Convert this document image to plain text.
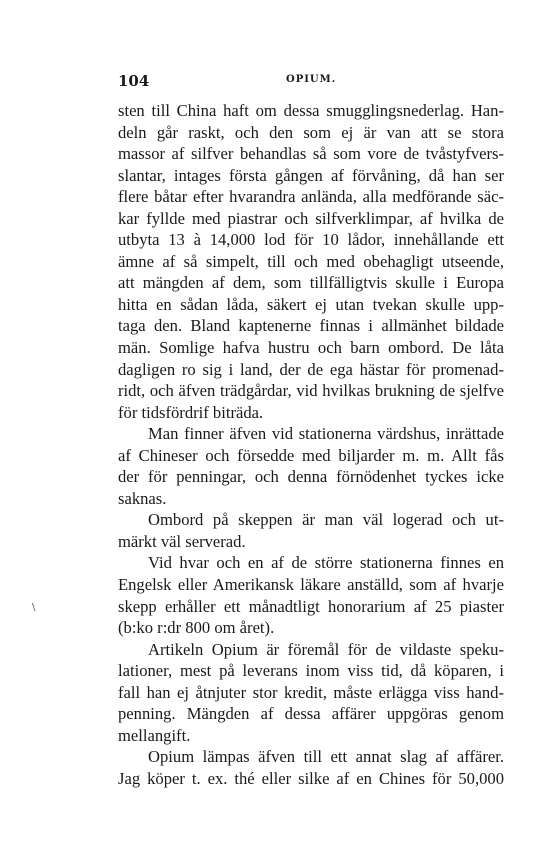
104	OPIUM.
\
sten till China haft om dessa smugglingsnederlag. Han-
deln går raskt, och den som ej är van att se stora
massor af silfver behandlas så som vore de tvåstyfvers-
slantar, intages första gången af förvåning, då han ser
flere båtar efter hvarandra anlända, alla medförande säc-
kar fyllde med piastrar och silfverklimpar, af hvilka de
utbyta 13 à 14,000 lod för 10 lådor, innehållande ett
ämne af så simpelt, till och med obehagligt utseende,
att mängden af dem, som tillfälligtvis skulle i Europa
hitta en sådan låda, säkert ej utan tvekan skulle upp-
taga den. Bland kaptenerne finnas i allmänhet bildade
män. Somlige hafva hustru och barn ombord. De låta
dagligen ro sig i land, der de ega hästar för promenad-
ridt, och äfven trädgårdar, vid hvilkas brukning de sjelfve
för tidsfördrif biträda.
Man finner äfven vid stationerna värdshus, inrättade
af Chineser och försedde med biljarder m. m. Allt fås
der för penningar, och denna förnödenhet tyckes icke
saknas.
Ombord på skeppen är man väl logerad och ut-
märkt väl serverad.
Vid hvar och en af de större stationerna finnes en
Engelsk eller Amerikansk läkare anställd, som af hvarje
skepp erhåller ett månadtligt honorarium af 25 piaster
(b:ko r:dr 800 om året).
Artikeln Opium är föremål för de vildaste speku-
lationer, mest på leverans inom viss tid, då köparen, i
fall han ej åtnjuter stor kredit, måste erlägga viss hand-
penning. Mängden af dessa affärer uppgöras genom
mellangift.
Opium lämpas äfven till ett annat slag af affärer.
Jag köper t. ex. thé eller silke af en Chines för 50,000
